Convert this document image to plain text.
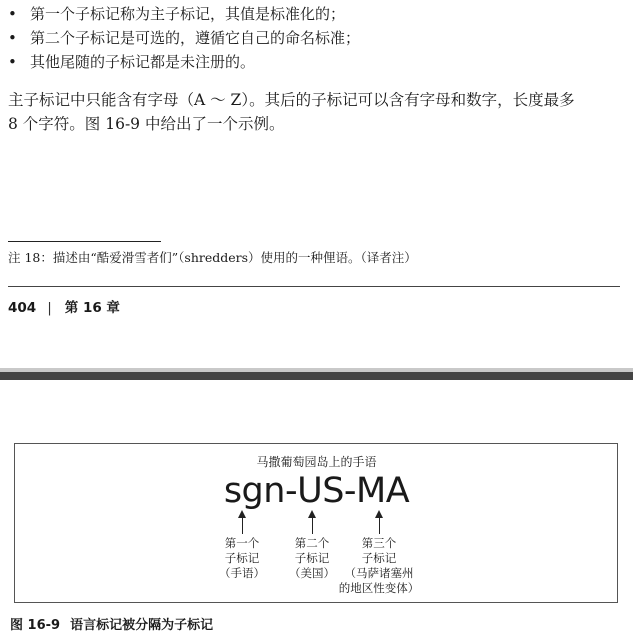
• 第一个子标记称为主子标记，其值是标准化的；
• 第二个子标记是可选的，遵循它自己的命名标准；
• 其他尾随的子标记都是未注册的。
主子标记中只能含有字母（A ～ Z）。其后的子标记可以含有字母和数字，长度最多
8 个字符。图 16-9 中给出了一个示例。
注 18：描述由“酷爱滑雪者们”（shredders）使用的一种俚语。（译者注）
404 | 第 16 章
马撒葡萄园岛上的手语
sgn-US-MA
第一个
子标记
（手语）
第二个
子标记
（美国）
第三个
子标记
（马萨诸塞州
的地区性变体）
图 16-9 语言标记被分隔为子标记
